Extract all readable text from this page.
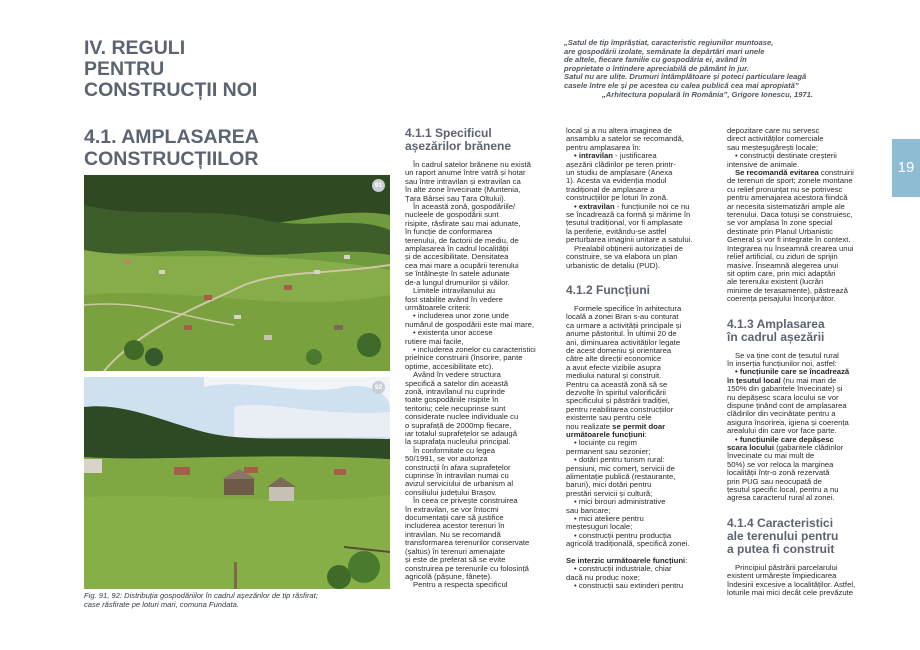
IV. REGULI
PENTRU
CONSTRUCȚII NOI
4.1. AMPLASAREA
CONSTRUCȚIILOR

„Satul de tip împrăștiat, caracteristic regiunilor muntoase,

are gospodării izolate, semănate la depărtări mari unele

de altele, fiecare familie cu gospodăria ei, având în

proprietate o întindere apreciabilă de pământ în jur.

Satul nu are ulițe. Drumuri întâmplătoare și poteci particulare leagă

casele între ele și pe acestea cu calea publică cea mai apropiată”

„Arhitectura populară în România”, Grigore Ionescu, 1971.

91
92
Fig. 91, 92: Distribuția gospodăriilor în cadrul așezărilor de tip răsfirat;
case răsfirate pe loturi mari, comuna Fundata.
4.1.1 Specificul
așezărilor brănene

În cadrul satelor brănene nu există
un raport anume între vatră și hotar
sau între intravilan și extravilan ca
în alte zone învecinate (Muntenia,
Țara Bârsei sau Țara Oltului).

În această zonă, gospodăriile/
nucleele de gospodării sunt
risipite, răsfirate sau mai adunate,
în funcție de conformarea
terenului, de factorii de mediu, de
amplasarea în cadrul localității
și de accesibilitate. Densitatea
cea mai mare a ocupării terenului
se întâlnește în satele adunate
de-a lungul drumurilor și văilor.

Limitele intravilanului au
fost stabilite având în vedere
următoarele criterii:

• includerea unor zone unde
numărul de gospodării este mai mare,

• existența unor accese
rutiere mai facile,

• includerea zonelor cu caracteristici
prielnice construirii (însorire, pante
optime, accesibilitate etc).

Având în vedere structura
specifică a satelor din această
zonă, intravilanul nu cuprinde
toate gospodăriile risipite în
teritoriu; cele necuprinse sunt
considerate nuclee individuale cu
o suprafață de 2000mp fiecare,
iar totalul suprafețelor se adaugă
la suprafața nucleului principal.

În conformitate cu legea
50/1991, se vor autoriza
construcții în afara suprafețelor
cuprinse în intravilan numai cu
avizul serviciului de urbanism al
consiliului județului Brașov.

În ceea ce privește construirea
în extravilan, se vor întocmi
documentații care să justifice
includerea acestor terenuri în
intravilan. Nu se recomandă
transformarea terenurilor conservate
(șaltus) în terenuri amenajate
și este de preferat să se evite
construirea pe terenurile cu folosință
agricolă (pășune, fânețe).

Pentru a respecta specificul

local și a nu altera imaginea de
ansamblu a satelor se recomandă,
pentru amplasarea în:

• intravilan - justificarea
așezării clădirilor pe teren printr-
un studiu de amplasare (Anexa
1). Acesta va evidenția modul
tradițional de amplasare a
construcțiilor pe loturi în zonă.

• extravilan - funcțiunile noi ce nu
se încadrează ca formă și mărime în
țesutul tradițional, vor fi amplasate
la periferie, evitându-se astfel
perturbarea imaginii unitare a satului.

Prealabil obținerii autorizației de
construire, se va elabora un plan
urbanistic de detaliu (PUD).

4.1.2 Funcțiuni

Formele specifice în arhitectura
locală a zonei Bran s-au conturat
ca urmare a activității principale și
anume păstoritul. În ultimii 20 de
ani, diminuarea activităților legate
de acest domeniu și orientarea
către alte direcții economice
a avut efecte vizibile asupra
mediului natural și construit.
Pentru ca această zonă să se
dezvolte în spiritul valorificării
specificului și păstrării tradiției,
pentru reabilitarea construcțiilor
existente sau pentru cele
nou realizate se permit doar
următoarele funcțiuni:

• locuințe cu regim
permanent sau sezonier;

• dotări pentru turism rural:
pensiuni, mic comerț, servicii de
alimentație publică (restaurante,
baruri), mici dotări pentru
prestări servicii și cultură;

• mici birouri administrative
sau bancare;

• mici ateliere pentru
meșteșuguri locale;

• construcții pentru producția
agricolă tradițională, specifică zonei.

Se interzic următoarele funcțiuni:

• construcții industriale, chiar
dacă nu produc noxe;

• construcții sau extinderi pentru

depozitare care nu servesc
direct activităților comerciale
sau meșteșugărești locale;

• construcții destinate creșterii
intensive de animale.

Se recomandă evitarea construirii
de terenuri de sport; zonele montane
cu relief pronunțat nu se potrivesc
pentru amenajarea acestora fiindcă
ar necesita sistematizări ample ale
terenului. Daca totuși se construiesc,
se vor amplasa în zone special
destinate prin Planul Urbanistic
General și vor fi integrate în context.
Integrarea nu înseamnă crearea unui
relief artificial, cu ziduri de sprijin
masive. Înseamnă alegerea unui
sit optim care, prin mici adaptări
ale terenului existent (lucrări
minime de terasamente), păstrează
coerența peisajului înconjurător.

4.1.3 Amplasarea
în cadrul așezării

Se va ține cont de țesutul rural
în inserția funcțiunilor noi, astfel:

• funcțiunile care se încadrează
în țesutul local (nu mai mari de
150% din gabaritele învecinate) și
nu depășesc scara locului se vor
dispune ținând cont de amplasarea
clădirilor din vecinătate pentru a
asigura însorirea, igiena și coerența
arealului din care vor face parte.

• funcțiunile care depășesc
scara locului (gabaritele clădirilor
învecinate cu mai mult de
50%) se vor reloca la marginea
localității într-o zonă rezervată
prin PUG sau neocupată de
țesutul specific local, pentru a nu
agresa caracterul rural al zonei.

4.1.4 Caracteristici
ale terenului pentru
a putea fi construit

Principiul păstrării parcelarului
existent urmărește împiedicarea
îndesirii excesive a localităților. Astfel,
loturile mai mici decât cele prevăzute

19
